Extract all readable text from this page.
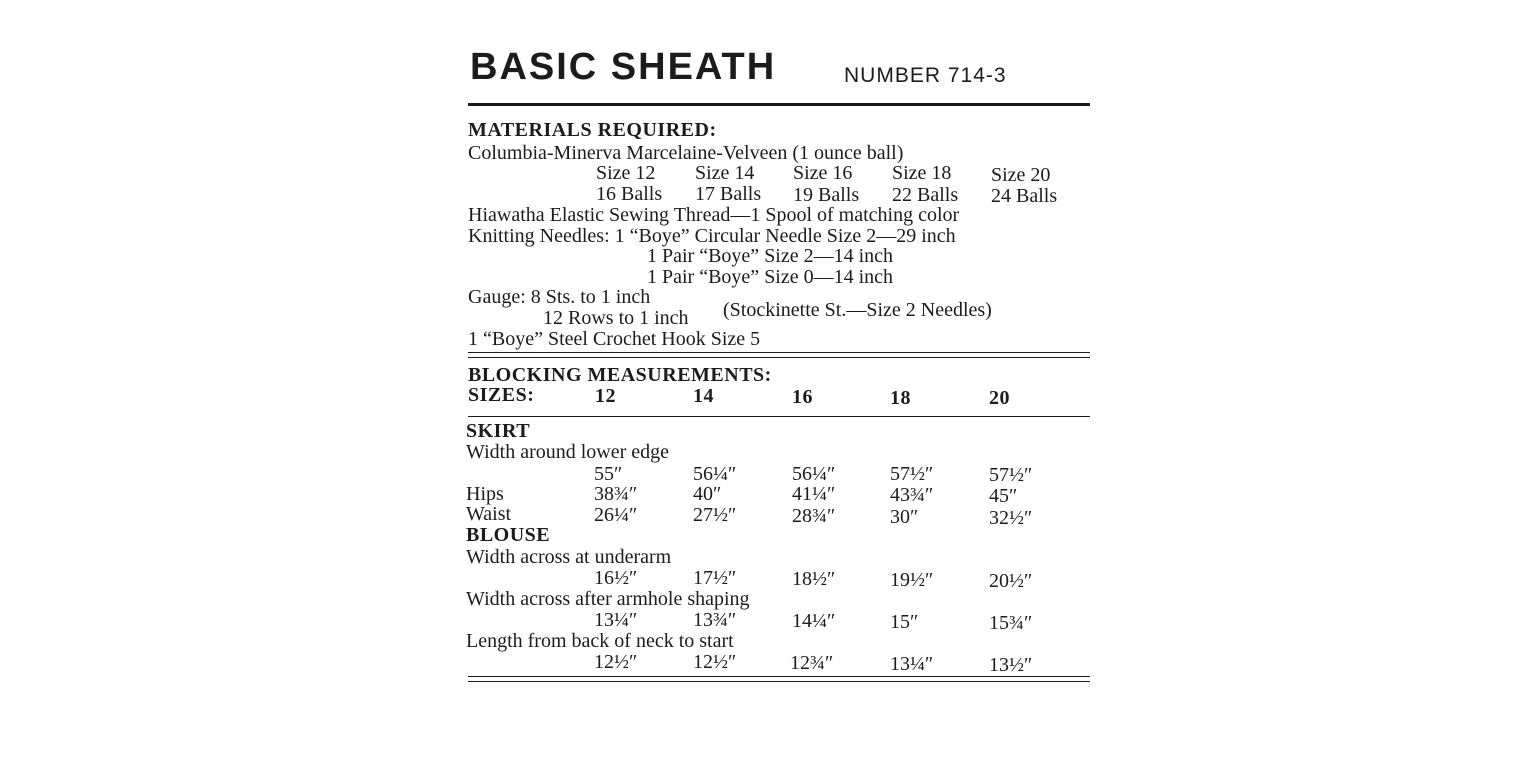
BASIC SHEATH	NUMBER 714-3
MATERIALS REQUIRED:
Columbia-Minerva Marcelaine-Velveen (1 ounce ball)
Size 12 Size 14 Size 16 Size 18 Size 20
16 Balls 17 Balls 19 Balls 22 Balls 24 Balls
Hiawatha Elastic Sewing Thread—1 Spool of matching color
Knitting Needles: 1 “Boye” Circular Needle Size 2—29 inch
1 Pair “Boye” Size 2—14 inch
1 Pair “Boye” Size 0—14 inch
Gauge: 8 Sts. to 1 inch
12 Rows to 1 inch (Stockinette St.—Size 2 Needles)
1 “Boye” Steel Crochet Hook Size 5
BLOCKING MEASUREMENTS:
SIZES:	12	14	16	18	20
SKIRT
Width around lower edge
55″	56¼″	56¼″	57½″	57½″
Hips	38¾″	40″	41¼″	43¾″	45″
Waist	26¼″	27½″	28¾″	30″	32½″
BLOUSE
Width across at underarm
16½″	17½″	18½″	19½″	20½″
Width across after armhole shaping
13¼″	13¾″	14¼″	15″	15¾″
Length from back of neck to start
12½″	12½″	12¾″	13¼″	13½″
